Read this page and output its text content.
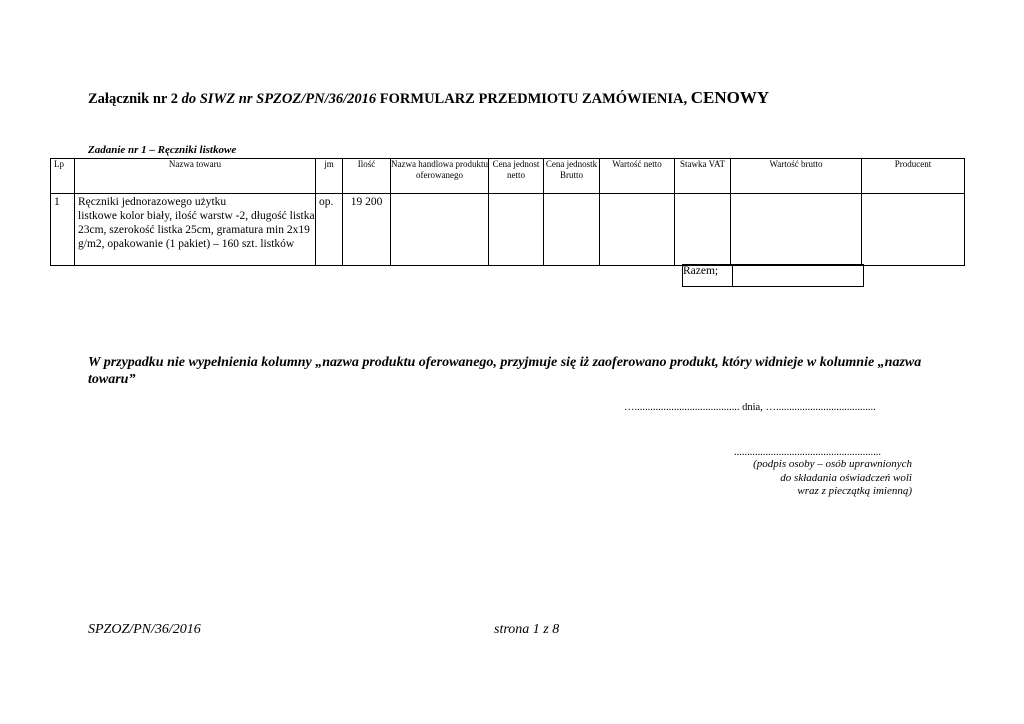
Załącznik nr 2 do SIWZ nr SPZOZ/PN/36/2016 FORMULARZ PRZEDMIOTU ZAMÓWIENIA, CENOWY
Zadanie nr 1 – Ręczniki listkowe
Lp	Nazwa towaru	jm	Ilość	Nazwa handlowa produktu oferowanego	Cena jednost netto	Cena jednostk Brutto	Wartość netto	Stawka VAT	Wartość brutto	Producent
1	Ręczniki jednorazowego użytku
listkowe kolor biały, ilość warstw -2, długość listka 23cm, szerokość listka 25cm, gramatura min 2x19 g/m2, opakowanie (1 pakiet) – 160 szt. listków	op.	19 200							
Razem;	
W przypadku nie wypełnienia kolumny „nazwa produktu oferowanego, przyjmuje się iż zaoferowano produkt, który widnieje w kolumnie „nazwa towaru”
…........................................ dnia, …......................................
........................................................
(podpis osoby – osób uprawnionych
do składania oświadczeń woli
wraz z pieczątką imienną)
SPZOZ/PN/36/2016	strona 1 z 8
